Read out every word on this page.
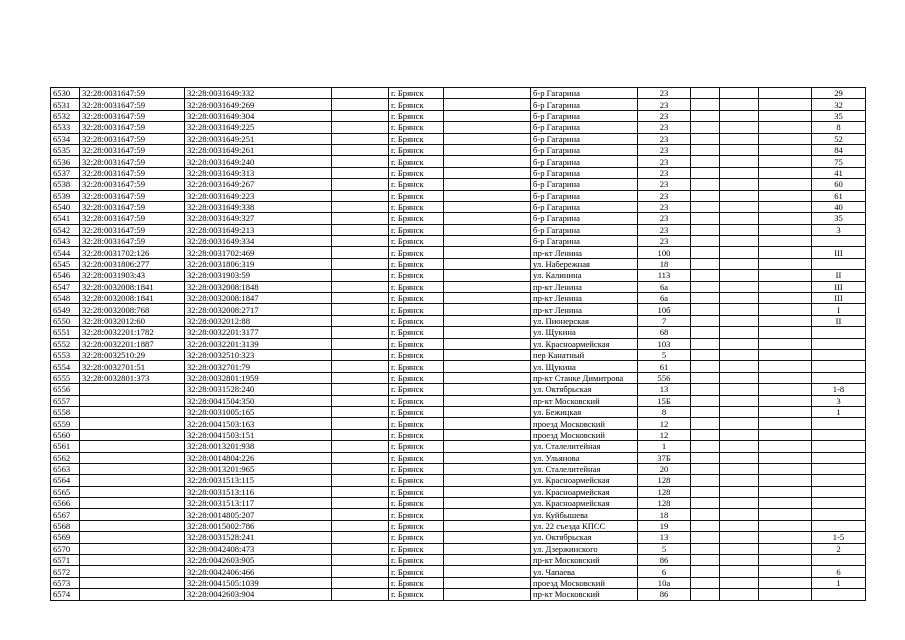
6530	32:28:0031647:59	32:28:0031649:332		г. Брянск		б-р Гагарина	23				29
6531	32:28:0031647:59	32:28:0031649:269		г. Брянск		б-р Гагарина	23				32
6532	32:28:0031647:59	32:28:0031649:304		г. Брянск		б-р Гагарина	23				35
6533	32:28:0031647:59	32:28:0031649:225		г. Брянск		б-р Гагарина	23				8
6534	32:28:0031647:59	32:28:0031649:251		г. Брянск		б-р Гагарина	23				52
6535	32:28:0031647:59	32:28:0031649:261		г. Брянск		б-р Гагарина	23				84
6536	32:28:0031647:59	32:28:0031649:240		г. Брянск		б-р Гагарина	23				75
6537	32:28:0031647:59	32:28:0031649:313		г. Брянск		б-р Гагарина	23				41
6538	32:28:0031647:59	32:28:0031649:267		г. Брянск		б-р Гагарина	23				60
6539	32:28:0031647:59	32:28:0031649:223		г. Брянск		б-р Гагарина	23				61
6540	32:28:0031647:59	32:28:0031649:338		г. Брянск		б-р Гагарина	23				40
6541	32:28:0031647:59	32:28:0031649:327		г. Брянск		б-р Гагарина	23				35
6542	32:28:0031647:59	32:28:0031649:213		г. Брянск		б-р Гагарина	23				3
6543	32:28:0031647:59	32:28:0031649:334		г. Брянск		б-р Гагарина	23				
6544	32:28:0031702:126	32:28:0031702:469		г. Брянск		пр-кт Ленина	100				III
6545	32:28:0031806:277	32:28:0031806:319		г. Брянск		ул. Набережная	18				
6546	32:28:0031903:43	32:28:0031903:59		г. Брянск		ул. Калинина	113				II
6547	32:28:0032008:1841	32:28:0032008:1848		г. Брянск		пр-кт Ленина	6а				III
6548	32:28:0032008:1841	32:28:0032008:1847		г. Брянск		пр-кт Ленина	6а				III
6549	32:28:0032008:768	32:28:0032008:2717		г. Брянск		пр-кт Ленина	10б				I
6550	32:28:0032012:60	32:28:0032012:88		г. Брянск		ул. Пионерская	7				II
6551	32:28:0032201:1782	32:28:0032201:3177		г. Брянск		ул. Щукина	68				
6552	32:28:0032201:1887	32:28:0032201:3139		г. Брянск		ул. Красноармейская	103				
6553	32:28:0032510:29	32:28:0032510:323		г. Брянск		пер Канатный	5				
6554	32:28:0032701:51	32:28:0032701:79		г. Брянск		ул. Щукина	61				
6555	32:28:0032801:373	32:28:0032801:1959		г. Брянск		пр-кт Станке Димитрова	556				
6556		32:28:0031528:240		г. Брянск		ул. Октябрьская	13				1-8
6557		32:28:0041504:350		г. Брянск		пр-кт Московский	15Б				3
6558		32:28:0031005:165		г. Брянск		ул. Бежицкая	8				1
6559		32:28:0041503:163		г. Брянск		проезд Московский	12				
6560		32:28:0041503:151		г. Брянск		проезд Московский	12				
6561		32:28:0013201:938		г. Брянск		ул. Сталелитейная	1				
6562		32:28:0014804:226		г. Брянск		ул. Ульянова	37Б				
6563		32:28:0013201:965		г. Брянск		ул. Сталелитейная	20				
6564		32:28:0031513:115		г. Брянск		ул. Красноармейская	128				
6565		32:28:0031513:116		г. Брянск		ул. Красноармейская	128				
6566		32:28:0031513:117		г. Брянск		ул. Красноармейская	128				
6567		32:28:0014805:207		г. Брянск		ул. Куйбышева	18				
6568		32:28:0015002:786		г. Брянск		ул. 22 съезда КПСС	19				
6569		32:28:0031528:241		г. Брянск		ул. Октябрьская	13				1-5
6570		32:28:0042408:473		г. Брянск		ул. Дзержинского	5				2
6571		32:28:0042603:905		г. Брянск		пр-кт Московский	86				
6572		32:28:0042406:466		г. Брянск		ул. Чапаева	6				6
6573		32:28:0041505:1039		г. Брянск		проезд Московский	10a				1
6574		32:28:0042603:904		г. Брянск		пр-кт Московский	86				
